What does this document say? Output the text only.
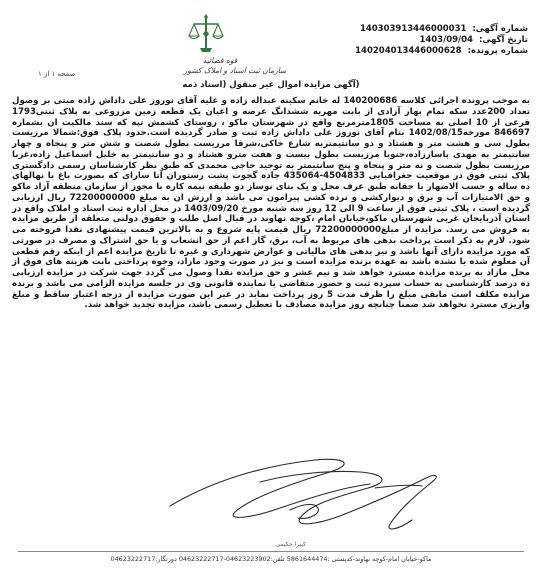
شماره آگهی:
140303913446000031
تاریخ آگهی:
1403/09/04
شماره پرونده:
140204013446000628
قوه قضائیه
سازمان ثبت اسناد و املاک کشور
صفحه ۱ از ۱
(آگهی مزایده اموال غیر منقول (اسناد ذمه

به موجب پرونده اجرائی کلاسه 140200686 له خانم سکینه عبداله زاده و علیه آقای نوروز علی داداش زاده مبنی بر وصول تعداد 200عدد سکه تمام بهار آزادی از بابت مهریه ششدانگ عرصه و اعیان یک قطعه زمین مزروعی به پلاک ثبتی1793 فرعی از 10 اصلی به مساحت 1805مترمربع واقع در شهرستان ماکو ، روستای کشمش تپه که سند مالکیت ان بشماره 846697 مورخه1402/08/15 بنام آقای نوروز علی داداش زاده ثبت و صادر گردیده است.حدود پلاک فوق:شمالا مرزیست بطول سی و هشت متر و هشتاد و دو سانتیمتربه شارع خاکی،شرقا مرزیست بطول شصت و شش متر و پنجاه و چهار سانتیمتر به مهدی پاسارزاده،جنوبا مرزیست بطول بیست و هفت مترو هشتاد و دو سانتیمتر به خلیل اسماعیل زاده،غربا مرزیست بطول شصت و نه متر و پنجاه و پنج سانتیمتر به توحید حاجی محمدی که طبق نظر کارشناسان رسمی دادگستری پلاک ثبتی فوق در موقعیت جغرافیایی 4504833-435064 جاده گجوت پشت رستوران آتا سارای که بصورت باغ با نهالهای ده ساله و حسب الاضهار با حقابه طبق عرف محل و یک بنای نوساز دو طبقه نیمه کاره با مجوز از سازمان منطقه آزاد ماکو و حق الامتیازات آب و برق و دیوارکشی و نرده کشی پیرامون می باشد و ارزش ان به مبلغ 72200000000 ریال ارزیابی گردیده است ، پلاک ثبتی فوق از ساعت 9 الی 12 روز سه شنبه مورخ 1403/09/20 در محل اداره ثبت اسناد و املاک واقع در استان آذربایجان غربی شهرستان ماکو،خیابان امام ،کوچه نهاوند در قبال اصل طلب و حقوق دولتی متعلقه از طریق مزایده به فروش می رسد. مزایده از مبلغ72200000000 ریال قیمت پایه شروع و به بالاترین قیمت پیشنهادی نقدا فروخته می شود. لازم به ذکر است پرداخت بدهی های مربوط به آب، برق، گاز اعم از حق انشعاب و یا حق اشتراک و مصرف در صورتی که مورد مزایده دارای آنها باشد و نیز بدهی های مالیاتی و عوارض شهرداری و غیره تا تاریخ مزایده اعم از اینکه رقم قطعی آن معلوم شده یا نشده باشد به عهده برنده مزایده است و نیز در صورت وجود مازاد، وجوه پرداختی بابت هزینه های فوق از محل مازاد به برنده مزایده مسترد خواهد شد و نیم عشر و حق مزایده نقدا وصول می گردد جهت شرکت در مزایده ارزیابی ده درصد کارشناسی به حساب سپرده ثبت و حضور متقاضی یا نماینده قانونی وی در جلسه مزایده الزامی می باشد و برنده مزایده مکلف است مابقی مبلغ را ظرف مدت 5 روز پرداخت نماید در غیر این صورت مزایده از درجه اعتبار ساقط و مبلغ واریزی مسترد نخواهد شد ضمنا چنانچه روز مزایده مصادف با تعطیل رسمی باشد، مزایده تجدید خواهد شد.

کبیرا حکیمی
ماکو-خیابان امام-کوچه نهاوند-کدپستی :5861644474 تلفن:04623223902-04623222717 دورنگار:04623222717
